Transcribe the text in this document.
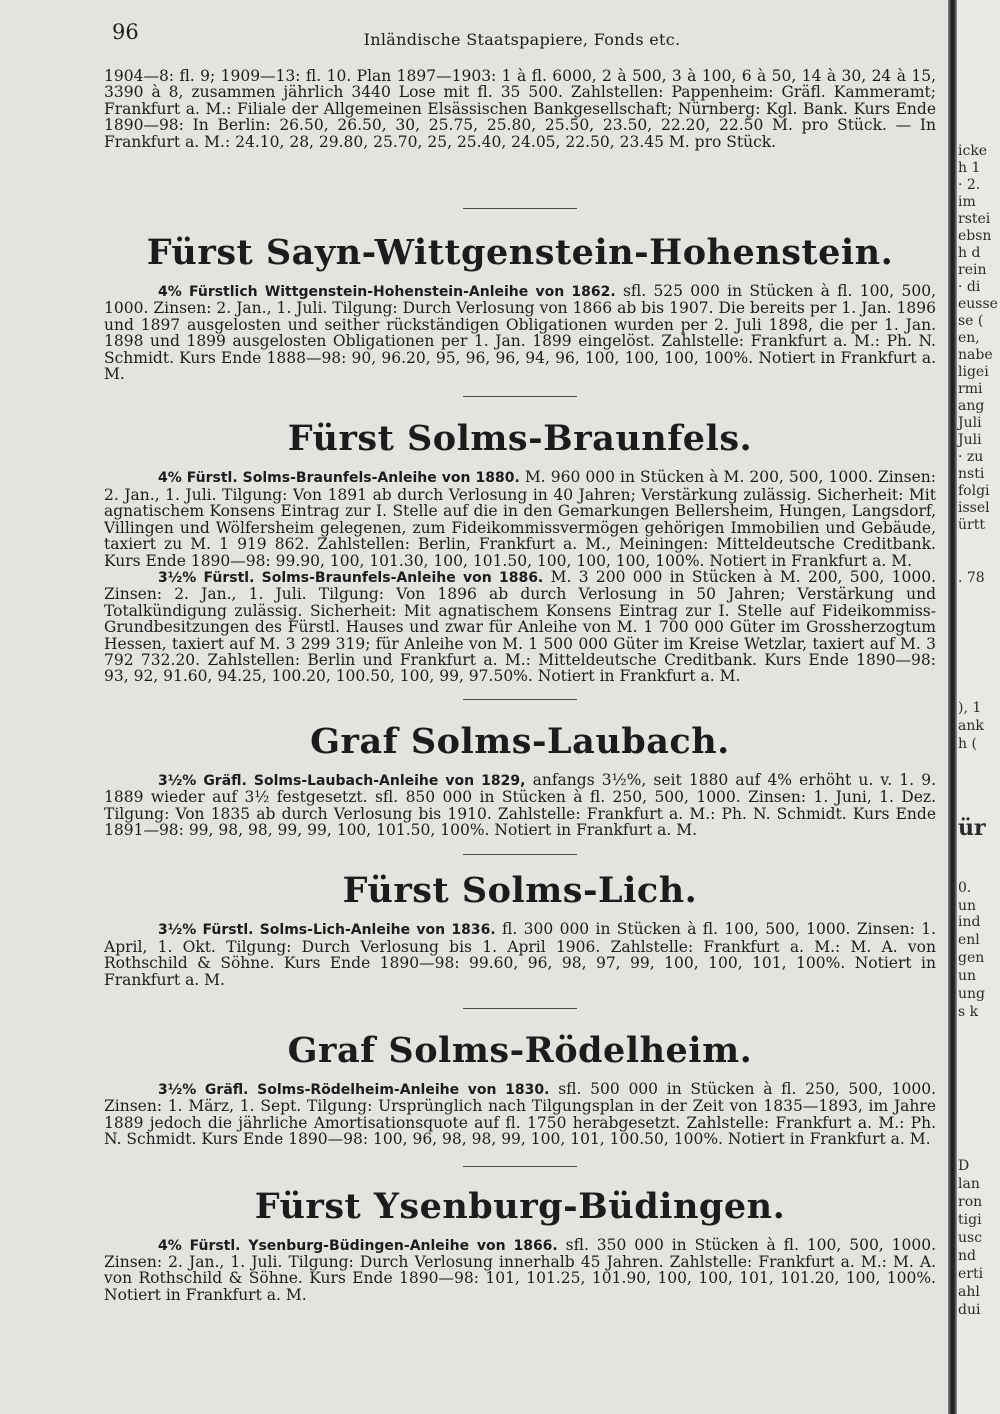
96	Inländische Staatspapiere, Fonds etc.

1904—8: fl. 9; 1909—13: fl. 10. Plan 1897—1903: 1 à fl. 6000, 2 à 500, 3 à 100, 6 à 50, 14 à 30, 24 à 15, 3390 à 8, zusammen jährlich 3440 Lose mit fl. 35 500. Zahlstellen: Pappenheim: Gräfl. Kammeramt; Frankfurt a. M.: Filiale der Allgemeinen Elsässischen Bankgesellschaft; Nürnberg: Kgl. Bank. Kurs Ende 1890—98: In Berlin: 26.50, 26.50, 30, 25.75, 25.80, 25.50, 23.50, 22.20, 22.50 M. pro Stück. — In Frankfurt a. M.: 24.10, 28, 29.80, 25.70, 25, 25.40, 24.05, 22.50, 23.45 M. pro Stück.

Fürst Sayn-Wittgenstein-Hohenstein.

4% Fürstlich Wittgenstein-Hohenstein-Anleihe von 1862. sfl. 525 000 in Stücken à fl. 100, 500, 1000. Zinsen: 2. Jan., 1. Juli. Tilgung: Durch Verlosung von 1866 ab bis 1907. Die bereits per 1. Jan. 1896 und 1897 ausgelosten und seither rückständigen Obligationen wurden per 2. Juli 1898, die per 1. Jan. 1898 und 1899 ausgelosten Obligationen per 1. Jan. 1899 eingelöst. Zahlstelle: Frankfurt a. M.: Ph. N. Schmidt. Kurs Ende 1888—98: 90, 96.20, 95, 96, 96, 94, 96, 100, 100, 100, 100%. Notiert in Frankfurt a. M.

Fürst Solms-Braunfels.

4% Fürstl. Solms-Braunfels-Anleihe von 1880. M. 960 000 in Stücken à M. 200, 500, 1000. Zinsen: 2. Jan., 1. Juli. Tilgung: Von 1891 ab durch Verlosung in 40 Jahren; Verstärkung zulässig. Sicherheit: Mit agnatischem Konsens Eintrag zur I. Stelle auf die in den Gemarkungen Bellersheim, Hungen, Langsdorf, Villingen und Wölfersheim gelegenen, zum Fideikommissvermögen gehörigen Immobilien und Gebäude, taxiert zu M. 1 919 862. Zahlstellen: Berlin, Frankfurt a. M., Meiningen: Mitteldeutsche Creditbank. Kurs Ende 1890—98: 99.90, 100, 101.30, 100, 101.50, 100, 100, 100, 100%. Notiert in Frankfurt a. M.

3½% Fürstl. Solms-Braunfels-Anleihe von 1886. M. 3 200 000 in Stücken à M. 200, 500, 1000. Zinsen: 2. Jan., 1. Juli. Tilgung: Von 1896 ab durch Verlosung in 50 Jahren; Verstärkung und Totalkündigung zulässig. Sicherheit: Mit agnatischem Konsens Eintrag zur I. Stelle auf Fideikommiss-Grundbesitzungen des Fürstl. Hauses und zwar für Anleihe von M. 1 700 000 Güter im Grossherzogtum Hessen, taxiert auf M. 3 299 319; für Anleihe von M. 1 500 000 Güter im Kreise Wetzlar, taxiert auf M. 3 792 732.20. Zahlstellen: Berlin und Frankfurt a. M.: Mitteldeutsche Creditbank. Kurs Ende 1890—98: 93, 92, 91.60, 94.25, 100.20, 100.50, 100, 99, 97.50%. Notiert in Frankfurt a. M.

Graf Solms-Laubach.

3½% Gräfl. Solms-Laubach-Anleihe von 1829, anfangs 3½%, seit 1880 auf 4% erhöht u. v. 1. 9. 1889 wieder auf 3½ festgesetzt. sfl. 850 000 in Stücken à fl. 250, 500, 1000. Zinsen: 1. Juni, 1. Dez. Tilgung: Von 1835 ab durch Verlosung bis 1910. Zahlstelle: Frankfurt a. M.: Ph. N. Schmidt. Kurs Ende 1891—98: 99, 98, 98, 99, 99, 100, 101.50, 100%. Notiert in Frankfurt a. M.

Fürst Solms-Lich.

3½% Fürstl. Solms-Lich-Anleihe von 1836. fl. 300 000 in Stücken à fl. 100, 500, 1000. Zinsen: 1. April, 1. Okt. Tilgung: Durch Verlosung bis 1. April 1906. Zahlstelle: Frankfurt a. M.: M. A. von Rothschild & Söhne. Kurs Ende 1890—98: 99.60, 96, 98, 97, 99, 100, 100, 101, 100%. Notiert in Frankfurt a. M.

Graf Solms-Rödelheim.

3½% Gräfl. Solms-Rödelheim-Anleihe von 1830. sfl. 500 000 in Stücken à fl. 250, 500, 1000. Zinsen: 1. März, 1. Sept. Tilgung: Ursprünglich nach Tilgungsplan in der Zeit von 1835—1893, im Jahre 1889 jedoch die jährliche Amortisationsquote auf fl. 1750 herabgesetzt. Zahlstelle: Frankfurt a. M.: Ph. N. Schmidt. Kurs Ende 1890—98: 100, 96, 98, 98, 99, 100, 101, 100.50, 100%. Notiert in Frankfurt a. M.

Fürst Ysenburg-Büdingen.

4% Fürstl. Ysenburg-Büdingen-Anleihe von 1866. sfl. 350 000 in Stücken à fl. 100, 500, 1000. Zinsen: 2. Jan., 1. Juli. Tilgung: Durch Verlosung innerhalb 45 Jahren. Zahlstelle: Frankfurt a. M.: M. A. von Rothschild & Söhne. Kurs Ende 1890—98: 101, 101.25, 101.90, 100, 100, 101, 101.20, 100, 100%. Notiert in Frankfurt a. M.

icke
h 1
· 2.
im
rstei
ebsn
h d
rein
· di
eusse
se (
en,
nabe
ligei
rmi
ang
Juli
Juli
· zu
nsti
folgi
issel
ürtt
. 78
), 1
ank
h (
ür
0.
un
ind
enl
gen
un
ung
s k
D
lan
ron
tigi
usc
nd
erti
ahl
dui
